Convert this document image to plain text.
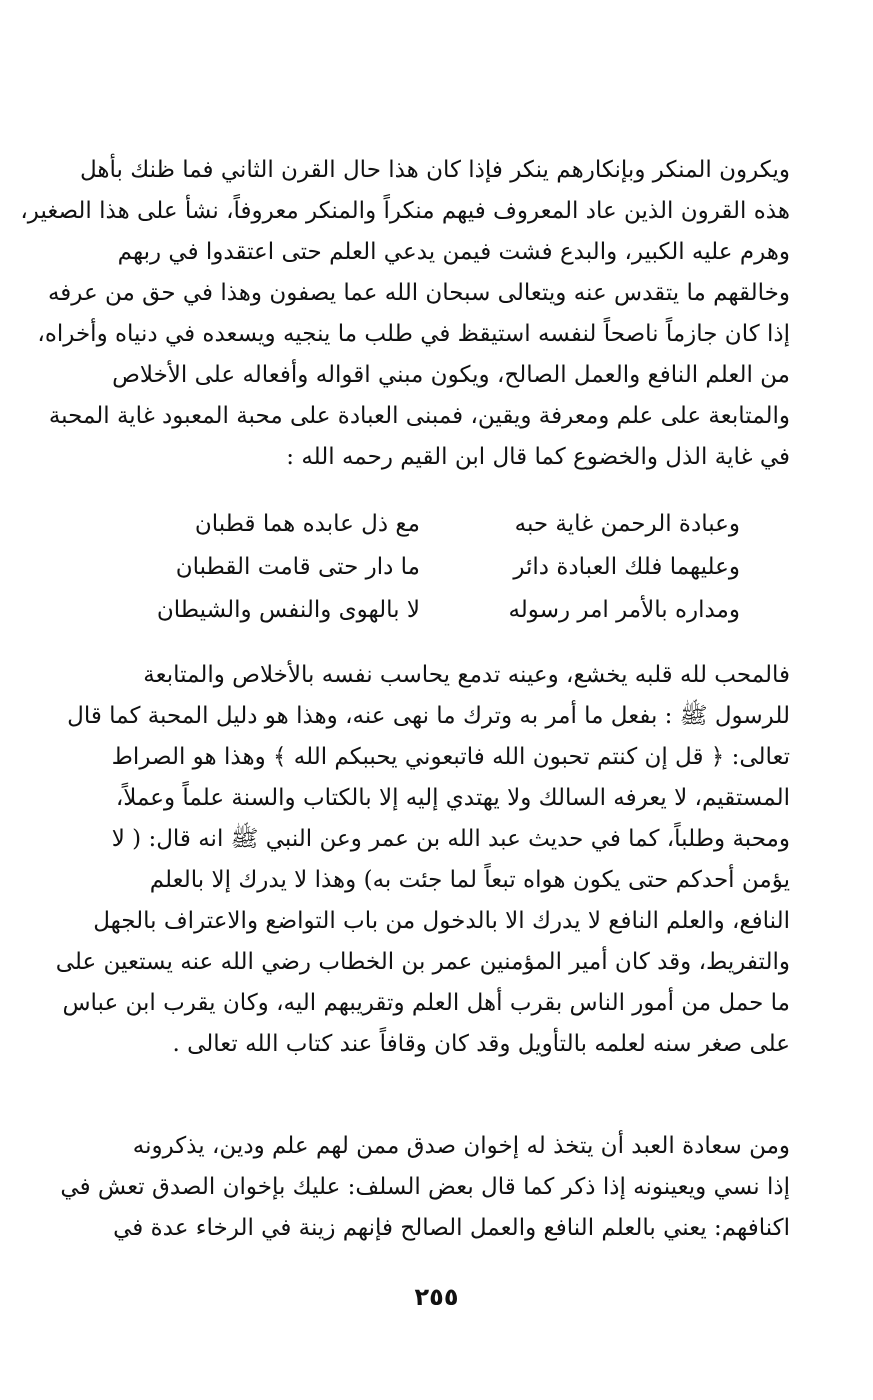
ويكرون المنكر وبإنكارهم ينكر فإذا كان هذا حال القرن الثاني فما ظنك بأهل
هذه القرون الذين عاد المعروف فيهم منكراً والمنكر معروفاً، نشأ على هذا الصغير،
وهرم عليه الكبير، والبدع فشت فيمن يدعي العلم حتى اعتقدوا في ربهم
وخالقهم ما يتقدس عنه ويتعالى سبحان الله عما يصفون وهذا في حق من عرفه
إذا كان جازماً ناصحاً لنفسه استيقظ في طلب ما ينجيه ويسعده في دنياه وأخراه،
من العلم النافع والعمل الصالح، ويكون مبني اقواله وأفعاله على الأخلاص
والمتابعة على علم ومعرفة ويقين، فمبنى العبادة على محبة المعبود غاية المحبة
في غاية الذل والخضوع كما قال ابن القيم رحمه الله :
وعبادة الرحمن غاية حبه
مع ذل عابده هما قطبان
وعليهما فلك العبادة دائر
ما دار حتى قامت القطبان
ومداره بالأمر امر رسوله
لا بالهوى والنفس والشيطان
فالمحب لله قلبه يخشع، وعينه تدمع يحاسب نفسه بالأخلاص والمتابعة
للرسول ﷺ : بفعل ما أمر به وترك ما نهى عنه، وهذا هو دليل المحبة كما قال
تعالى: ﴿ قل إن كنتم تحبون الله فاتبعوني يحببكم الله ﴾ وهذا هو الصراط
المستقيم، لا يعرفه السالك ولا يهتدي إليه إلا بالكتاب والسنة علماً وعملاً،
ومحبة وطلباً، كما في حديث عبد الله بن عمر وعن النبي ﷺ انه قال: ( لا
يؤمن أحدكم حتى يكون هواه تبعاً لما جئت به) وهذا لا يدرك إلا بالعلم
النافع، والعلم النافع لا يدرك الا بالدخول من باب التواضع والاعتراف بالجهل
والتفريط، وقد كان أمير المؤمنين عمر بن الخطاب رضي الله عنه يستعين على
ما حمل من أمور الناس بقرب أهل العلم وتقريبهم اليه، وكان يقرب ابن عباس
على صغر سنه لعلمه بالتأويل وقد كان وقافاً عند كتاب الله تعالى .
ومن سعادة العبد أن يتخذ له إخوان صدق ممن لهم علم ودين، يذكرونه
إذا نسي ويعينونه إذا ذكر كما قال بعض السلف: عليك بإخوان الصدق تعش في
اكنافهم: يعني بالعلم النافع والعمل الصالح فإنهم زينة في الرخاء عدة في
٢٥٥
